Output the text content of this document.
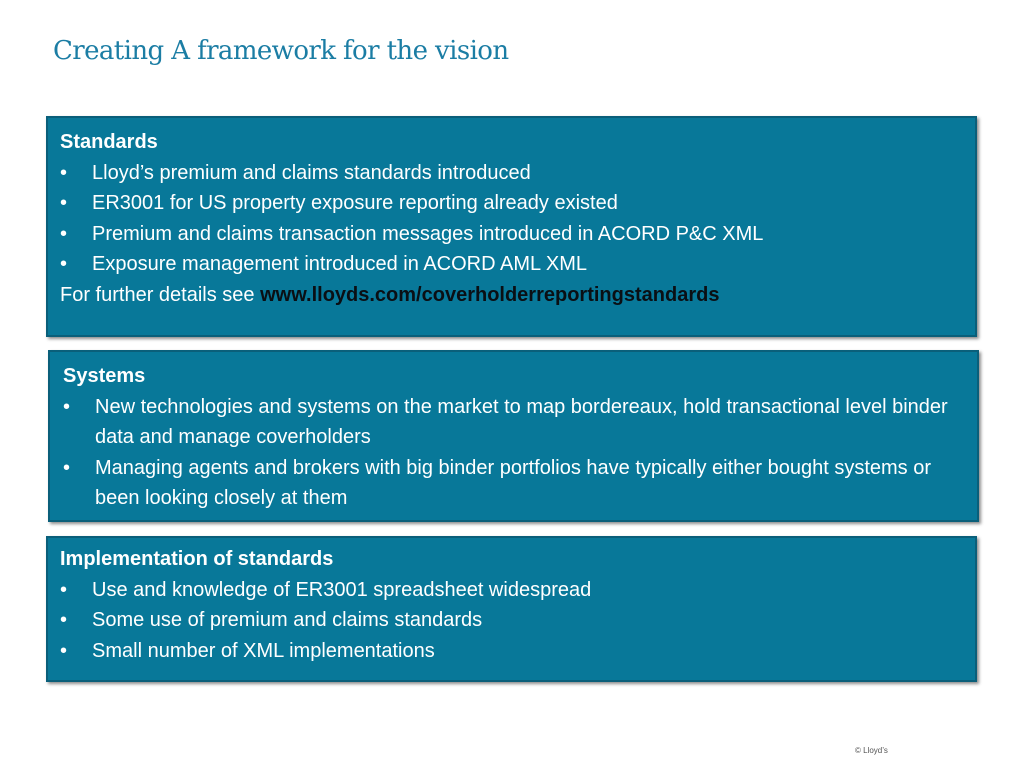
Creating A framework for the vision
Standards
• Lloyd’s premium and claims standards introduced
• ER3001 for US property exposure reporting already existed
• Premium and claims transaction messages introduced in ACORD P&C XML
• Exposure management introduced in ACORD AML XML
For further details see www.lloyds.com/coverholderreportingstandards
Systems
• New technologies and systems on the market to map bordereaux, hold transactional level binder data and manage coverholders
• Managing agents and brokers with big binder portfolios have typically either bought systems or been looking closely at them
Implementation of standards
• Use and knowledge of ER3001 spreadsheet widespread
• Some use of premium and claims standards
• Small number of XML implementations
© Lloyd’s
